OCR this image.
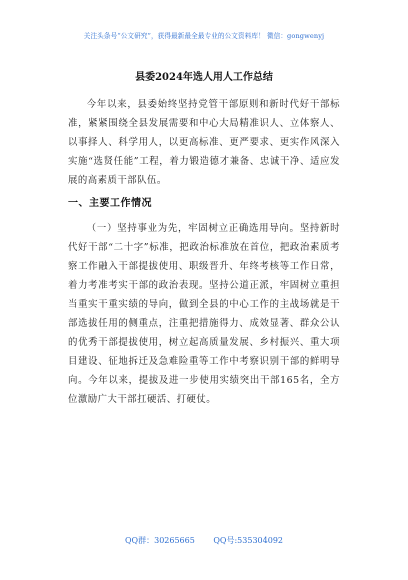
关注头条号“公文研究”，获得最新最全最专业的公文资料库！ 微信：gongwenyj
县委2024年选人用人工作总结

今年以来，县委始终坚持党管干部原则和新时代好干部标准，紧紧围绕全县发展需要和中心大局精准识人、立体察人、以事择人、科学用人，以更高标准、更严要求、更实作风深入实施“选贤任能”工程，着力锻造德才兼备、忠诚干净、适应发展的高素质干部队伍。

一、主要工作情况

（一）坚持事业为先，牢固树立正确选用导向。坚持新时代好干部“二十字”标准，把政治标准放在首位，把政治素质考察工作融入干部提拔使用、职级晋升、年终考核等工作日常，着力考准考实干部的政治表现。坚持公道正派，牢固树立重担当重实干重实绩的导向，做到全县的中心工作的主战场就是干部选拔任用的侧重点，注重把措施得力、成效显著、群众公认的优秀干部提拔使用，树立起高质量发展、乡村振兴、重大项目建设、征地拆迁及急难险重等工作中考察识别干部的鲜明导向。今年以来，提拔及进一步使用实绩突出干部165名，全方位激励广大干部扛硬活、打硬仗。

QQ群：30265665 QQ号:535304092
